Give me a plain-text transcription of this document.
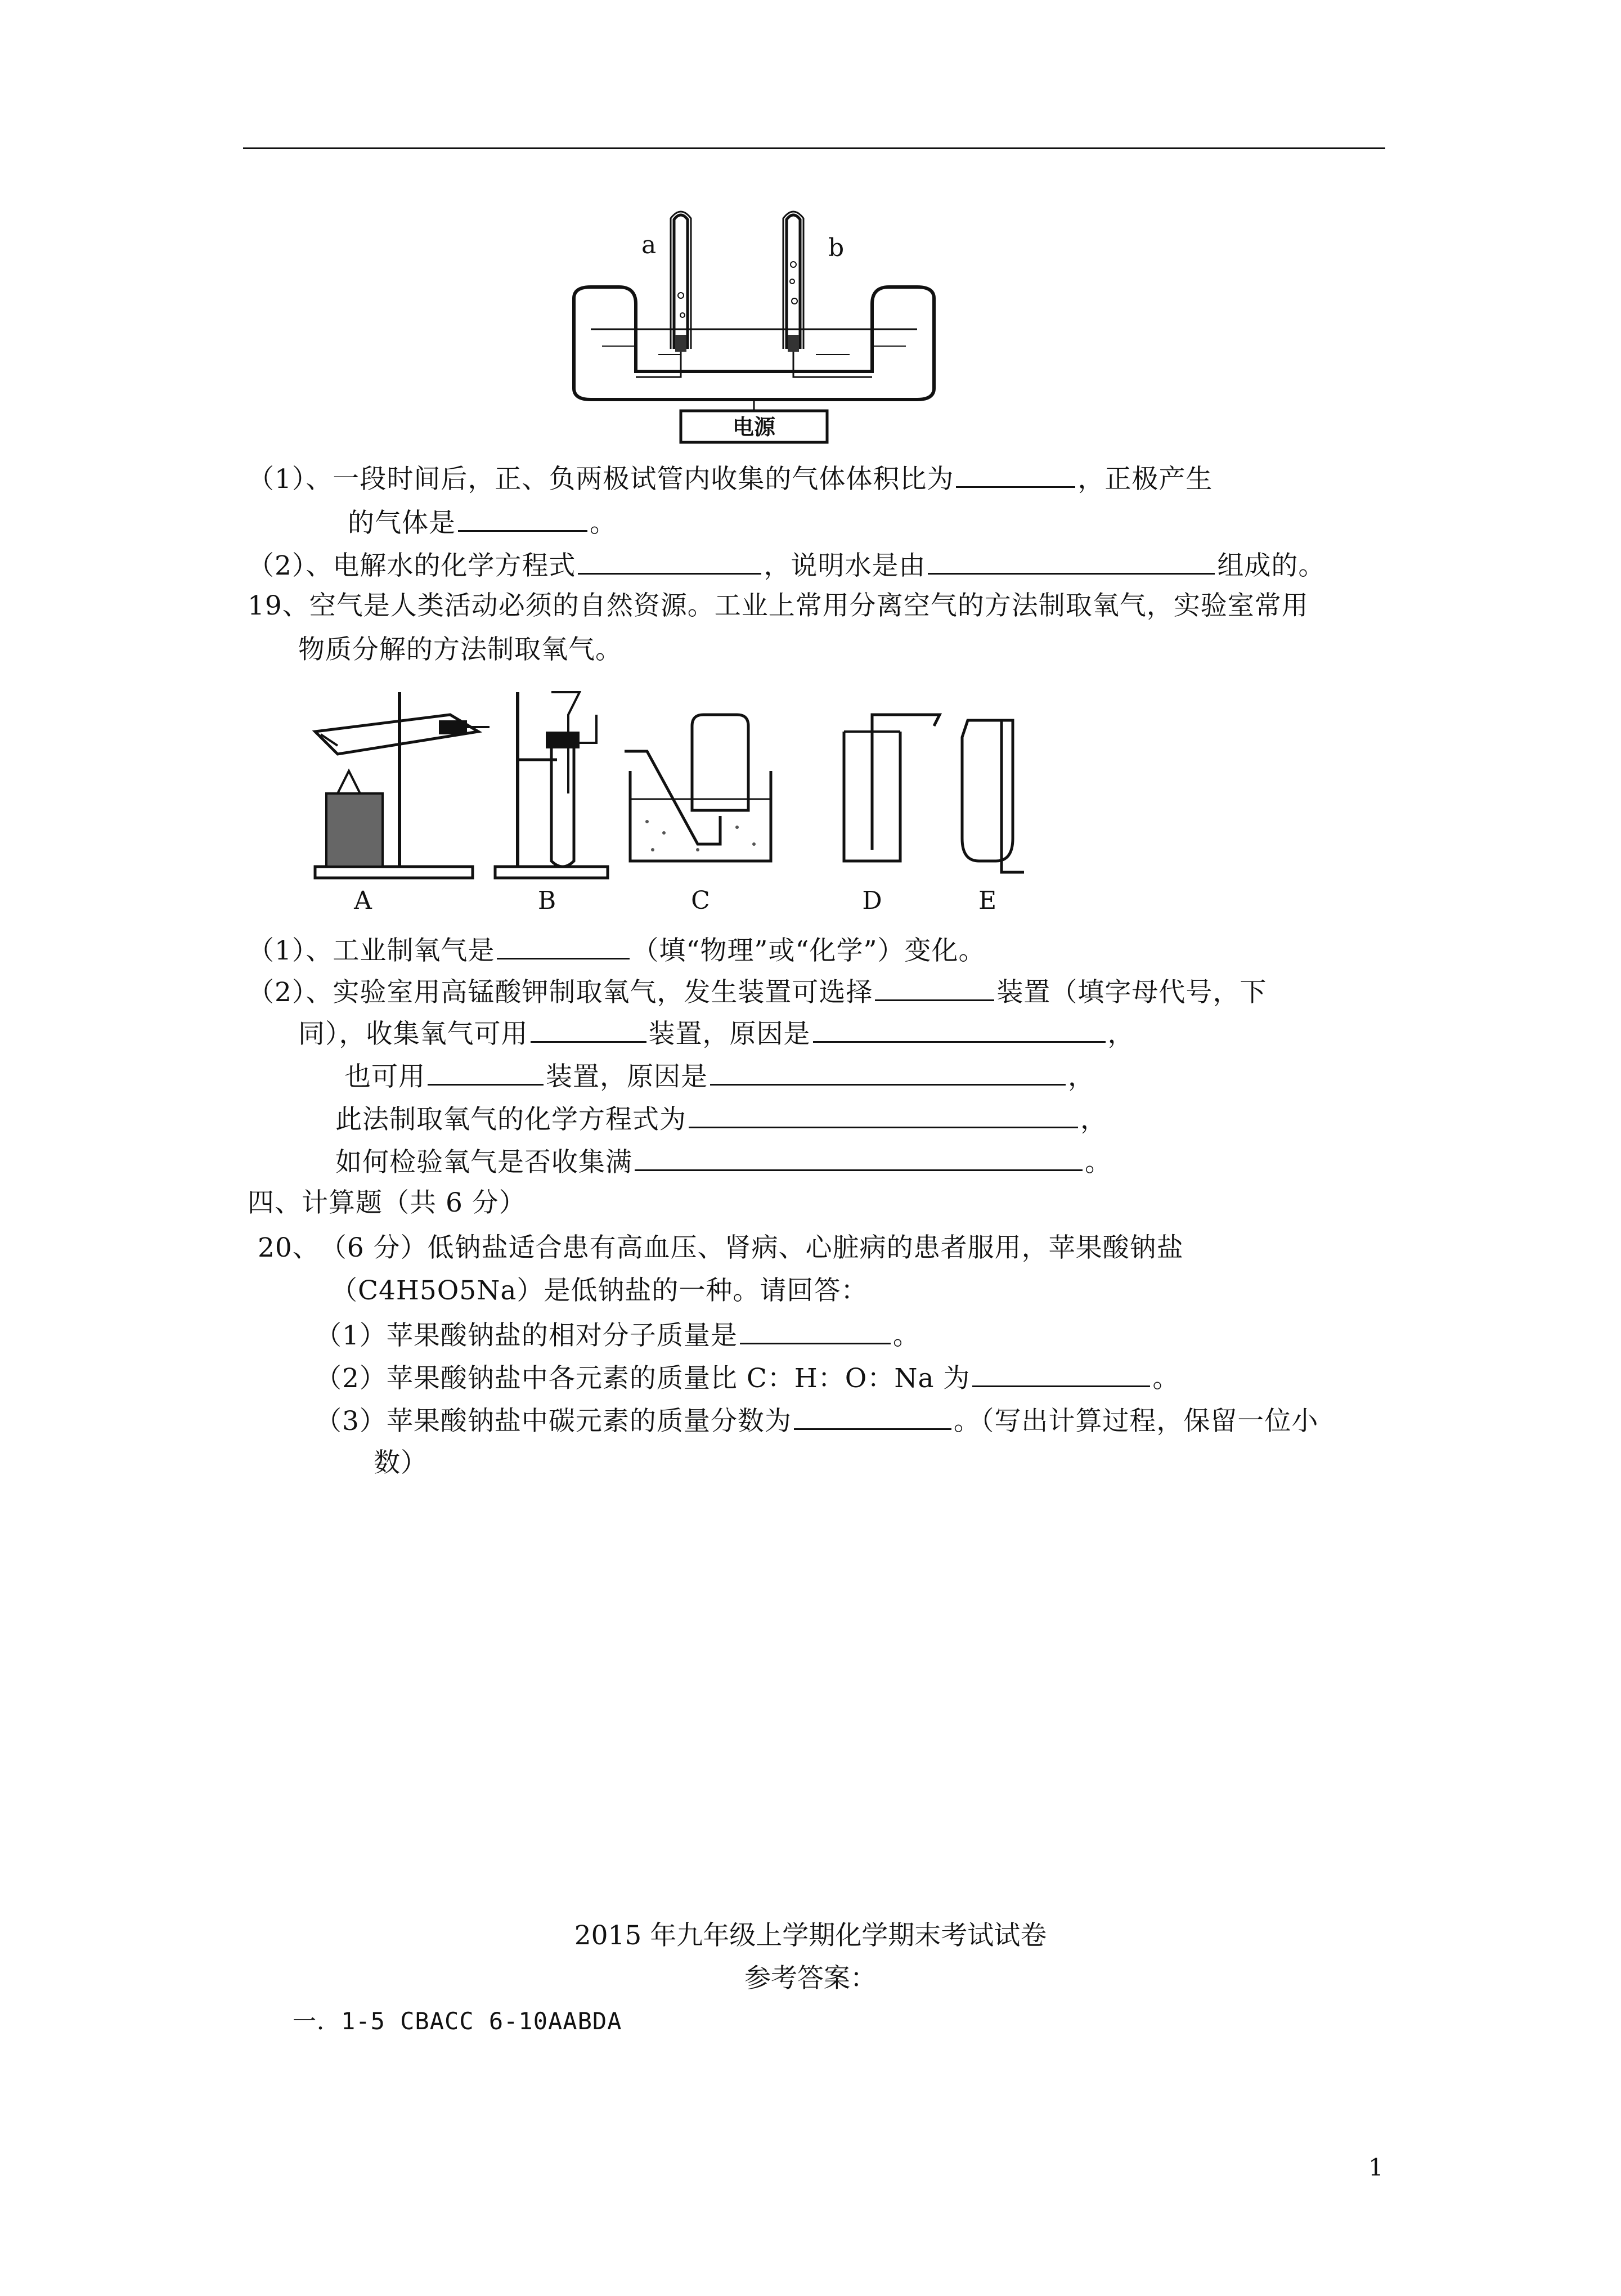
电源
a	b
（1）、一段时间后，正、负两极试管内收集的气体体积比为	，正极产生
的气体是	。
（2）、电解水的化学方程式	，说明水是由	组成的。
19、空气是人类活动必须的自然资源。工业上常用分离空气的方法制取氧气，实验室常用
物质分解的方法制取氧气。
A	B	C	D	E
（1）、工业制氧气是	（填“物理”或“化学”）变化。
（2）、实验室用高锰酸钾制取氧气，发生装置可选择	装置（填字母代号，下
同），收集氧气可用	装置，原因是	，
也可用	装置，原因是	，
此法制取氧气的化学方程式为	，
如何检验氧气是否收集满	。
四、计算题（共 6 分）
20、　（6 分）低钠盐适合患有高血压、肾病、心脏病的患者服用，苹果酸钠盐
（C4H5O5Na）是低钠盐的一种。请回答：
（1）苹果酸钠盐的相对分子质量是	。
（2）苹果酸钠盐中各元素的质量比 C：H：O：Na 为	。
（3）苹果酸钠盐中碳元素的质量分数为	。（写出计算过程，保留一位小
数）
2015 年九年级上学期化学期末考试试卷
参考答案：
一．1-5 CBACC 6-10AABDA
1
